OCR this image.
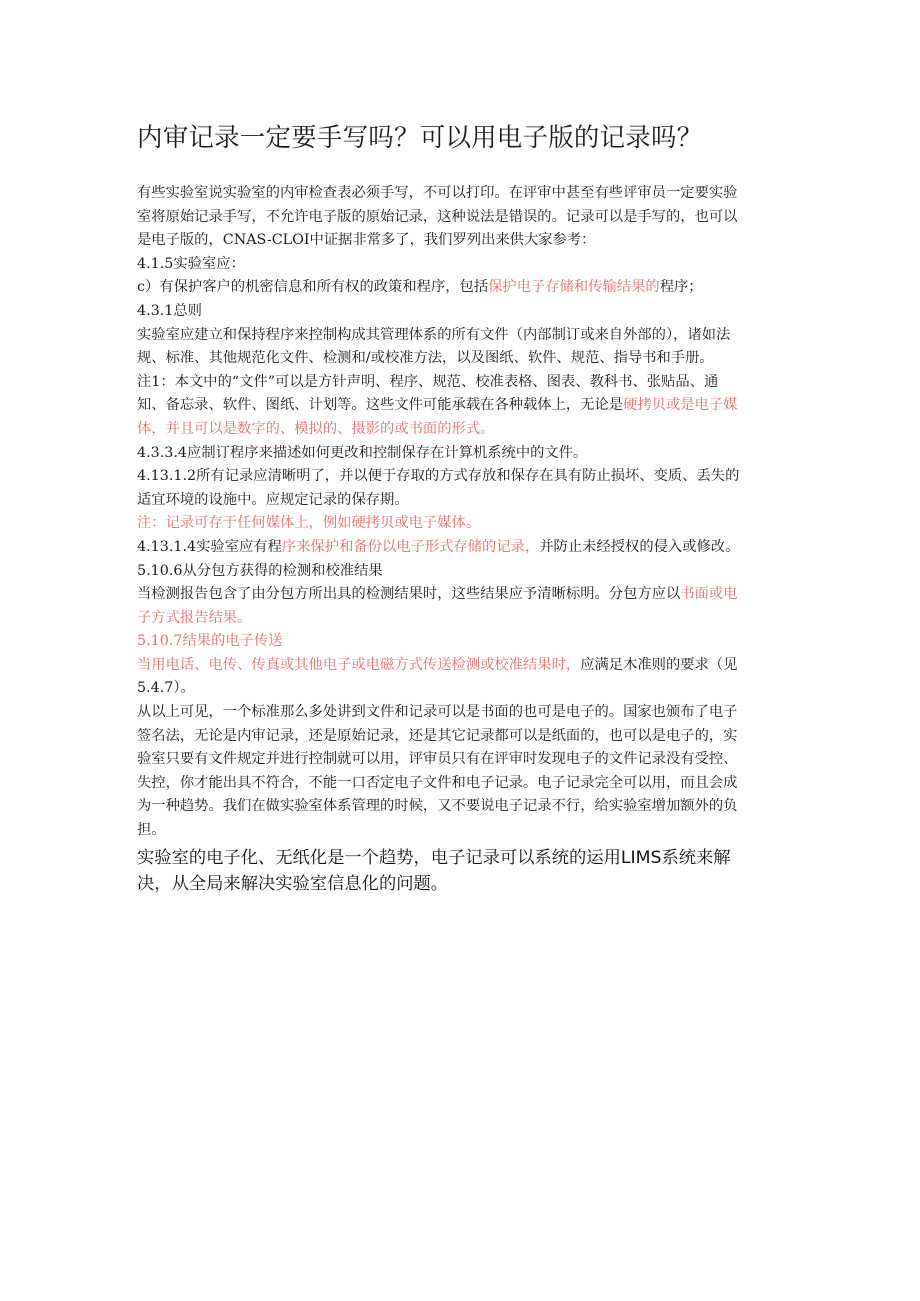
内审记录一定要手写吗？可以用电子版的记录吗？
有些实验室说实验室的内审检查表必须手写，不可以打印。在评审中甚至有些评审员一定要实验
室将原始记录手写，不允许电子版的原始记录，这种说法是错误的。记录可以是手写的，也可以
是电子版的，CNAS-CLOI中证据非常多了，我们罗列出来供大家参考：
4.1.5实验室应：
c）有保护客户的机密信息和所有权的政策和程序，包括保护电子存储和传输结果的程序；
4.3.1总则
实验室应建立和保持程序来控制构成其管理体系的所有文件（内部制订或来自外部的），诸如法
规、标准、其他规范化文件、检测和/或校准方法，以及图纸、软件、规范、指导书和手册。
注1：本文中的“文件”可以是方针声明、程序、规范、校准表格、图表、教科书、张贴品、通
知、备忘录、软件、图纸、计划等。这些文件可能承载在各种载体上，无论是硬拷贝或是电子媒
体，并且可以是数字的、模拟的、摄影的或书面的形式。
4.3.3.4应制订程序来描述如何更改和控制保存在计算机系统中的文件。
4.13.1.2所有记录应清晰明了，并以便于存取的方式存放和保存在具有防止损坏、变质、丢失的
适宜环境的设施中。应规定记录的保存期。
注：记录可存于任何媒体上，例如硬拷贝或电子媒体。
4.13.1.4实验室应有程序来保护和备份以电子形式存储的记录，并防止未经授权的侵入或修改。
5.10.6从分包方获得的检测和校准结果
当检测报告包含了由分包方所出具的检测结果时，这些结果应予清晰标明。分包方应以书面或电
子方式报告结果。
5.10.7结果的电子传送
当用电话、电传、传真或其他电子或电磁方式传送检测或校准结果时，应满足木准则的要求（见
5.4.7）。
从以上可见，一个标准那么多处讲到文件和记录可以是书面的也可是电子的。国家也颁布了电子
签名法，无论是内审记录，还是原始记录，还是其它记录都可以是纸面的，也可以是电子的，实
验室只要有文件规定并进行控制就可以用，评审员只有在评审时发现电子的文件记录没有受控、
失控，你才能出具不符合，不能一口否定电子文件和电子记录。电子记录完全可以用，而且会成
为一种趋势。我们在做实验室体系管理的时候，又不要说电子记录不行，给实验室增加额外的负
担。
实验室的电子化、无纸化是一个趋势，电子记录可以系统的运用LIMS系统来解
决，从全局来解决实验室信息化的问题。
